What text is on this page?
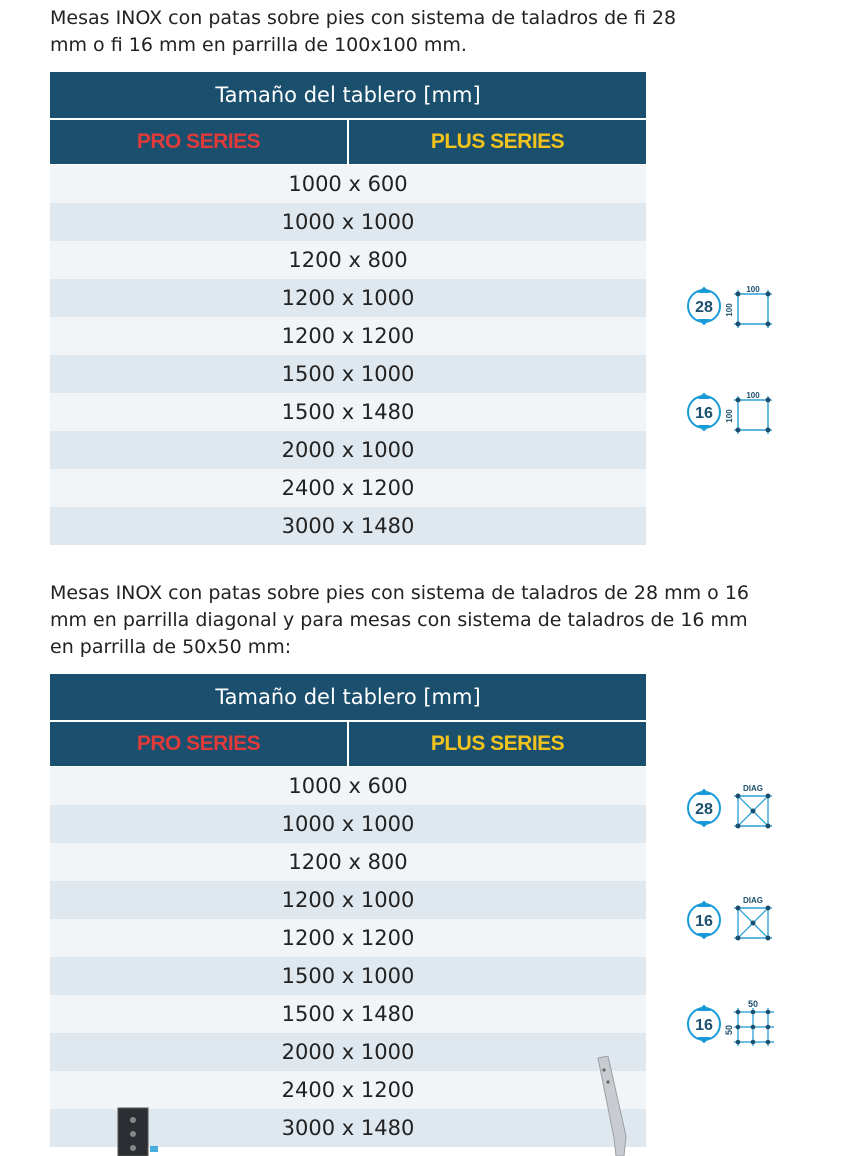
Mesas INOX con patas sobre pies con sistema de taladros de fi 28
mm o fi 16 mm en parrilla de 100x100 mm.
Tamaño del tablero [mm]
PRO SERIES	PLUS SERIES
1000 x 600
1000 x 1000
1200 x 800
1200 x 1000
1200 x 1200
1500 x 1000
1500 x 1480
2000 x 1000
2400 x 1200
3000 x 1480
28
100
100
16
100
100
Mesas INOX con patas sobre pies con sistema de taladros de 28 mm o 16
mm en parrilla diagonal y para mesas con sistema de taladros de 16 mm
en parrilla de 50x50 mm:
Tamaño del tablero [mm]
PRO SERIES	PLUS SERIES
1000 x 600
1000 x 1000
1200 x 800
1200 x 1000
1200 x 1200
1500 x 1000
1500 x 1480
2000 x 1000
2400 x 1200
3000 x 1480
28
DIAG
16
DIAG
16
50
50
